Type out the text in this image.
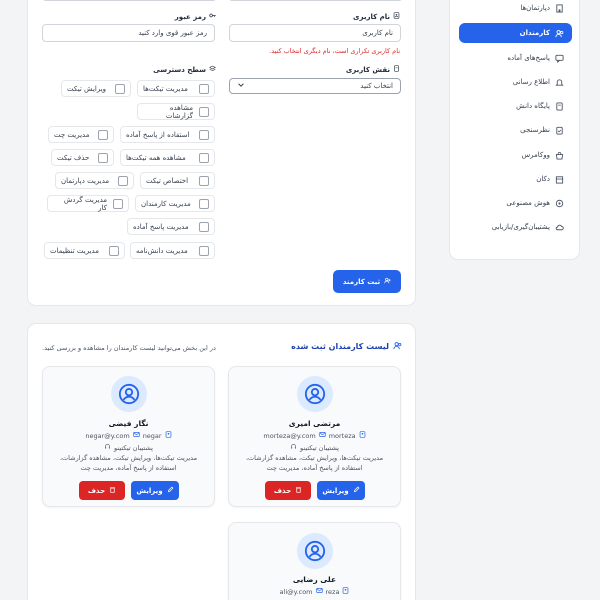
دپارتمان‌ها
کارمندان
پاسخ‌های آماده
اطلاع رسانی
پایگاه دانش
نظرسنجی
ووکامرس
دکان
هوش مصنوعی
پشتیبان‌گیری/بازیابی
رمز عبور
رمز عبور قوی وارد کنید
نام کاربری
نام کاربری
نام کاربری تکراری است، نام دیگری انتخاب کنید.
نقش کاربری
انتخاب کنید
سطح دسترسی
مدیریت تیکت‌ها
ویرایش تیکت
مشاهده گزارشات
استفاده از پاسخ آماده
مدیریت چت
مشاهده همه تیکت‌ها
حذف تیکت
اختصاص تیکت
مدیریت دپارتمان
مدیریت کارمندان
مدیریت گردش کار
مدیریت پاسخ آماده
مدیریت دانش‌نامه
مدیریت تنظیمات
ثبت کارمند
لیست کارمندان ثبت شده
در این بخش می‌توانید لیست کارمندان را مشاهده و بررسی کنید.
مرتضی امیری
morteza
morteza@y.com
پشتیبان تیکتینو
مدیریت تیکت‌ها، ویرایش تیکت، مشاهده گزارشات، استفاده از پاسخ آماده، مدیریت چت
ویرایش
حذف
نگار فیضی
negar
negar@y.com
پشتیبان تیکتینو
مدیریت تیکت‌ها، ویرایش تیکت، مشاهده گزارشات، استفاده از پاسخ آماده، مدیریت چت
ویرایش
حذف
علی رضایی
reza
ali@y.com
